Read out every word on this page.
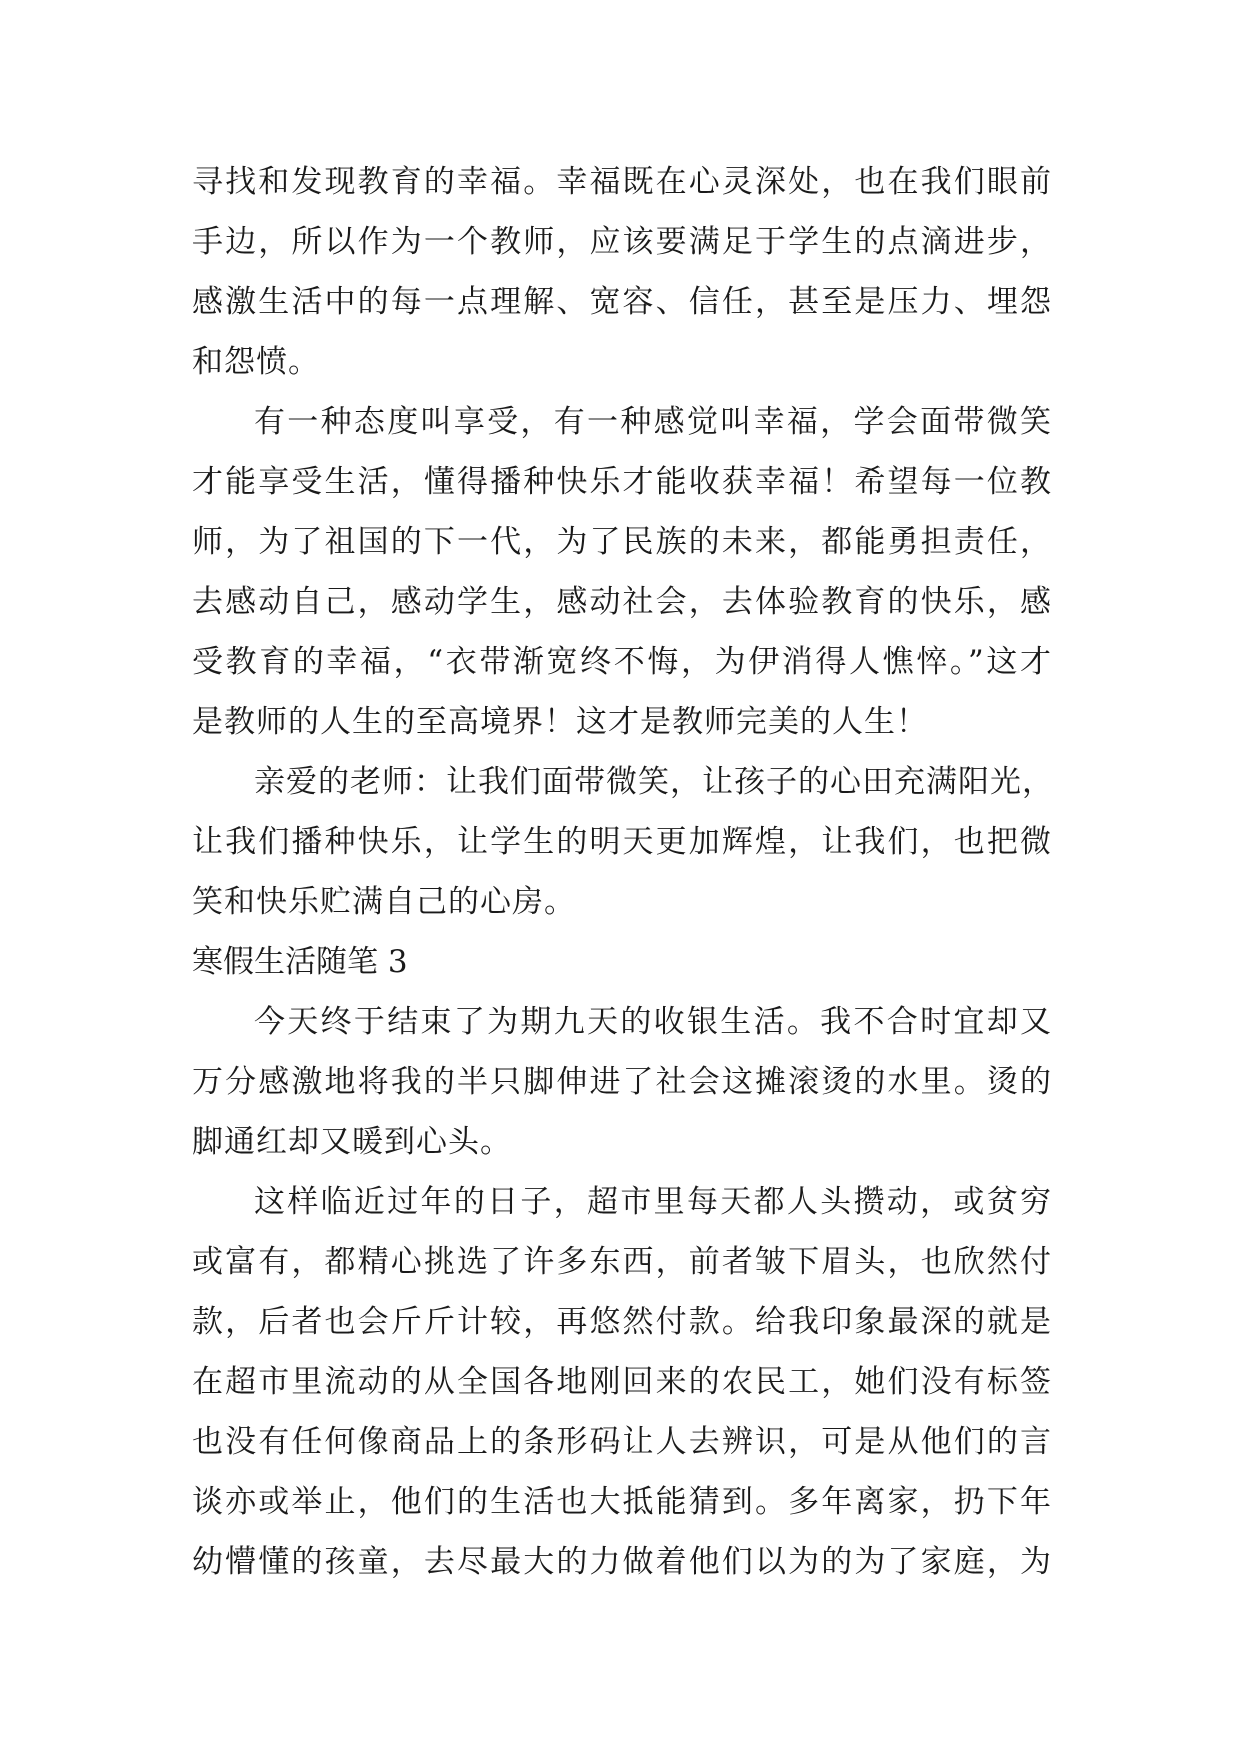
寻找和发现教育的幸福。幸福既在心灵深处，也在我们眼前
手边，所以作为一个教师，应该要满足于学生的点滴进步，
感激生活中的每一点理解、宽容、信任，甚至是压力、埋怨
和怨愤。
有一种态度叫享受，有一种感觉叫幸福，学会面带微笑
才能享受生活，懂得播种快乐才能收获幸福！希望每一位教
师，为了祖国的下一代，为了民族的未来，都能勇担责任，
去感动自己，感动学生，感动社会，去体验教育的快乐，感
受教育的幸福，“衣带渐宽终不悔，为伊消得人憔悴。”这才
是教师的人生的至高境界！这才是教师完美的人生！
亲爱的老师：让我们面带微笑，让孩子的心田充满阳光，
让我们播种快乐，让学生的明天更加辉煌，让我们，也把微
笑和快乐贮满自己的心房。
寒假生活随笔 3
今天终于结束了为期九天的收银生活。我不合时宜却又
万分感激地将我的半只脚伸进了社会这摊滚烫的水里。烫的
脚通红却又暖到心头。
这样临近过年的日子，超市里每天都人头攒动，或贫穷
或富有，都精心挑选了许多东西，前者皱下眉头，也欣然付
款，后者也会斤斤计较，再悠然付款。给我印象最深的就是
在超市里流动的从全国各地刚回来的农民工，她们没有标签
也没有任何像商品上的条形码让人去辨识，可是从他们的言
谈亦或举止，他们的生活也大抵能猜到。多年离家，扔下年
幼懵懂的孩童，去尽最大的力做着他们以为的为了家庭，为
